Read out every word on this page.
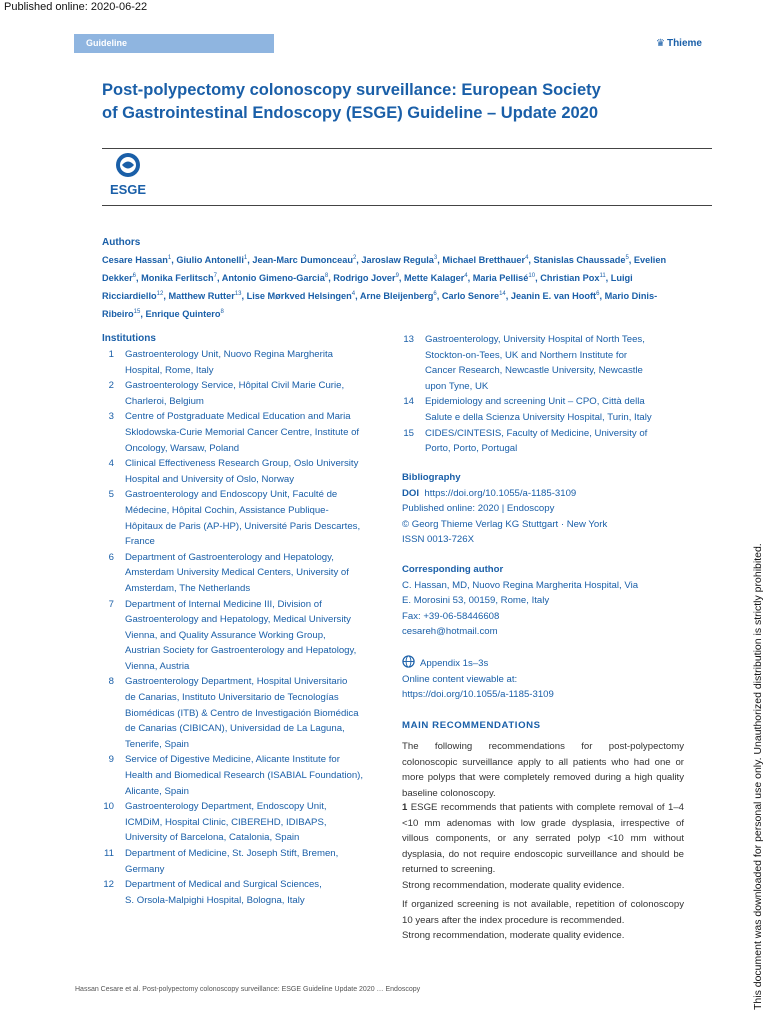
Published online: 2020-06-22
Guideline	♛ Thieme
Post-polypectomy colonoscopy surveillance: European Society
of Gastrointestinal Endoscopy (ESGE) Guideline – Update 2020
ESGE
Authors
Cesare Hassan$^1$, Giulio Antonelli$^1$, Jean-Marc Dumonceau$^2$, Jaroslaw Regula$^3$, Michael Bretthauer$^4$, Stanislas Chaussade$^5$, Evelien Dekker$^6$, Monika Ferlitsch$^7$, Antonio Gimeno-Garcia$^8$, Rodrigo Jover$^9$, Mette Kalager$^4$, Maria Pellisé$^{10}$, Christian Pox$^{11}$, Luigi Ricciardiello$^{12}$, Matthew Rutter$^{13}$, Lise Mørkved Helsingen$^4$, Arne Bleijenberg$^6$, Carlo Senore$^{14}$, Jeanin E. van Hooft$^6$, Mario Dinis-Ribeiro$^{15}$, Enrique Quintero$^8$
Institutions
1 Gastroenterology Unit, Nuovo Regina Margherita
Hospital, Rome, Italy
2 Gastroenterology Service, Hôpital Civil Marie Curie,
Charleroi, Belgium
3 Centre of Postgraduate Medical Education and Maria
Sklodowska-Curie Memorial Cancer Centre, Institute of
Oncology, Warsaw, Poland
4 Clinical Effectiveness Research Group, Oslo University
Hospital and University of Oslo, Norway
5 Gastroenterology and Endoscopy Unit, Faculté de
Médecine, Hôpital Cochin, Assistance Publique-
Hôpitaux de Paris (AP-HP), Université Paris Descartes,
France
6 Department of Gastroenterology and Hepatology,
Amsterdam University Medical Centers, University of
Amsterdam, The Netherlands
7 Department of Internal Medicine III, Division of
Gastroenterology and Hepatology, Medical University
Vienna, and Quality Assurance Working Group,
Austrian Society for Gastroenterology and Hepatology,
Vienna, Austria
8 Gastroenterology Department, Hospital Universitario
de Canarias, Instituto Universitario de Tecnologías
Biomédicas (ITB) & Centro de Investigación Biomédica
de Canarias (CIBICAN), Universidad de La Laguna,
Tenerife, Spain
9 Service of Digestive Medicine, Alicante Institute for
Health and Biomedical Research (ISABIAL Foundation),
Alicante, Spain
10 Gastroenterology Department, Endoscopy Unit,
ICMDiM, Hospital Clinic, CIBEREHD, IDIBAPS,
University of Barcelona, Catalonia, Spain
11 Department of Medicine, St. Joseph Stift, Bremen,
Germany
12 Department of Medical and Surgical Sciences,
S. Orsola-Malpighi Hospital, Bologna, Italy
13 Gastroenterology, University Hospital of North Tees,
Stockton-on-Tees, UK and Northern Institute for
Cancer Research, Newcastle University, Newcastle
upon Tyne, UK
14 Epidemiology and screening Unit – CPO, Città della
Salute e della Scienza University Hospital, Turin, Italy
15 CIDES/CINTESIS, Faculty of Medicine, University of
Porto, Porto, Portugal
Bibliography
DOI https://doi.org/10.1055/a-1185-3109
Published online: 2020 | Endoscopy
© Georg Thieme Verlag KG Stuttgart · New York
ISSN 0013-726X
Corresponding author
C. Hassan, MD, Nuovo Regina Margherita Hospital, Via
E. Morosini 53, 00159, Rome, Italy
Fax: +39-06-58446608
cesareh@hotmail.com
Appendix 1s–3s
Online content viewable at:
https://doi.org/10.1055/a-1185-3109
MAIN RECOMMENDATIONS

The following recommendations for post-polypectomy colonoscopic surveillance apply to all patients who had one or more polyps that were completely removed during a high quality baseline colonoscopy.

1 ESGE recommends that patients with complete removal of 1–4 <10 mm adenomas with low grade dysplasia, irrespective of villous components, or any serrated polyp <10 mm without dysplasia, do not require endoscopic surveillance and should be returned to screening.
Strong recommendation, moderate quality evidence.

If organized screening is not available, repetition of colonoscopy 10 years after the index procedure is recommended.
Strong recommendation, moderate quality evidence.	This document was downloaded for personal use only. Unauthorized distribution is strictly prohibited.
Hassan Cesare et al. Post-polypectomy colonoscopy surveillance: ESGE Guideline Update 2020 … Endoscopy
